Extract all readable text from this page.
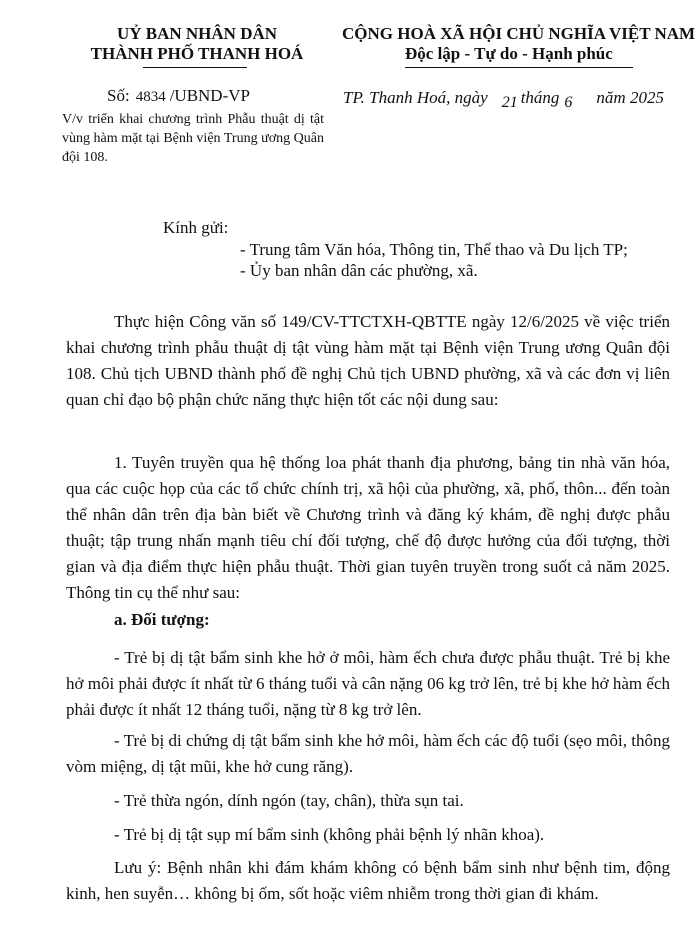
UỶ BAN NHÂN DÂN
THÀNH PHỐ THANH HOÁ
CỘNG HOÀ XÃ HỘI CHỦ NGHĨA VIỆT NAM
Độc lập - Tự do - Hạnh phúc
Số: 4834 /UBND-VP	TP. Thanh Hoá, ngày 21 tháng 6 năm 2025
V/v triển khai chương trình Phẫu thuật dị tật vùng hàm mặt tại Bệnh viện Trung ương Quân đội 108.
Kính gửi:
- Trung tâm Văn hóa, Thông tin, Thể thao và Du lịch TP;
- Ủy ban nhân dân các phường, xã.
Thực hiện Công văn số 149/CV-TTCTXH-QBTTE ngày 12/6/2025 về việc triển khai chương trình phẫu thuật dị tật vùng hàm mặt tại Bệnh viện Trung ương Quân đội 108. Chủ tịch UBND thành phố đề nghị Chủ tịch UBND phường, xã và các đơn vị liên quan chỉ đạo bộ phận chức năng thực hiện tốt các nội dung sau:
1. Tuyên truyền qua hệ thống loa phát thanh địa phương, bảng tin nhà văn hóa, qua các cuộc họp của các tổ chức chính trị, xã hội của phường, xã, phố, thôn... đến toàn thể nhân dân trên địa bàn biết về Chương trình và đăng ký khám, đề nghị được phẫu thuật; tập trung nhấn mạnh tiêu chí đối tượng, chế độ được hưởng của đối tượng, thời gian và địa điểm thực hiện phẫu thuật. Thời gian tuyên truyền trong suốt cả năm 2025. Thông tin cụ thể như sau:
a. Đối tượng:
- Trẻ bị dị tật bẩm sinh khe hở ở môi, hàm ếch chưa được phẫu thuật. Trẻ bị khe hở môi phải được ít nhất từ 6 tháng tuổi và cân nặng 06 kg trở lên, trẻ bị khe hở hàm ếch phải được ít nhất 12 tháng tuổi, nặng từ 8 kg trở lên.
- Trẻ bị di chứng dị tật bẩm sinh khe hở môi, hàm ếch các độ tuổi (sẹo môi, thông vòm miệng, dị tật mũi, khe hở cung răng).
- Trẻ thừa ngón, dính ngón (tay, chân), thừa sụn tai.
- Trẻ bị dị tật sụp mí bẩm sinh (không phải bệnh lý nhãn khoa).
Lưu ý: Bệnh nhân khi đám khám không có bệnh bẩm sinh như bệnh tim, động kinh, hen suyễn… không bị ốm, sốt hoặc viêm nhiễm trong thời gian đi khám.
